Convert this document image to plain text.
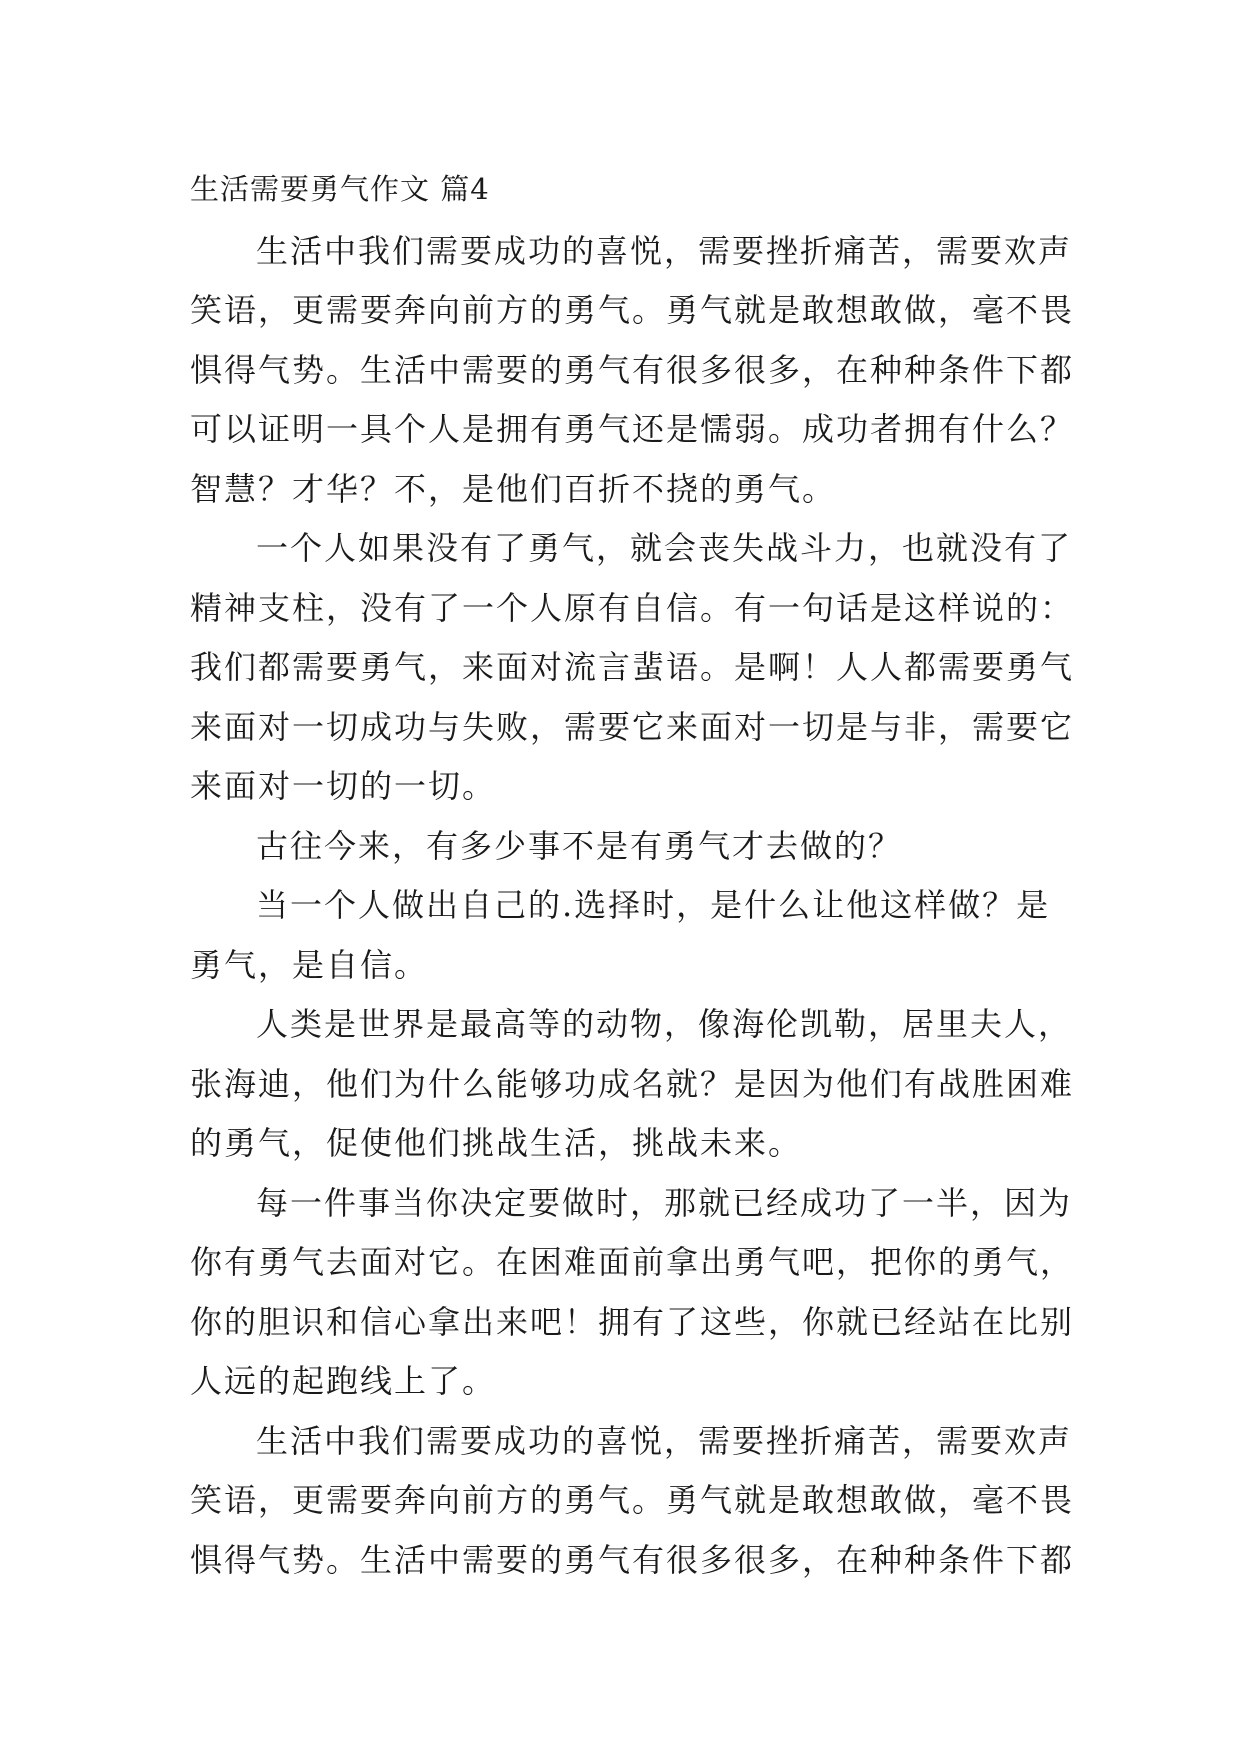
生活需要勇气作文 篇4
生活中我们需要成功的喜悦，需要挫折痛苦，需要欢声
笑语，更需要奔向前方的勇气。勇气就是敢想敢做，毫不畏
惧得气势。生活中需要的勇气有很多很多，在种种条件下都
可以证明一具个人是拥有勇气还是懦弱。成功者拥有什么？
智慧？才华？不，是他们百折不挠的勇气。
一个人如果没有了勇气，就会丧失战斗力，也就没有了
精神支柱，没有了一个人原有自信。有一句话是这样说的：
我们都需要勇气，来面对流言蜚语。是啊！人人都需要勇气
来面对一切成功与失败，需要它来面对一切是与非，需要它
来面对一切的一切。
古往今来，有多少事不是有勇气才去做的？
当一个人做出自己的.选择时，是什么让他这样做？是
勇气，是自信。
人类是世界是最高等的动物，像海伦凯勒，居里夫人，
张海迪，他们为什么能够功成名就？是因为他们有战胜困难
的勇气，促使他们挑战生活，挑战未来。
每一件事当你决定要做时，那就已经成功了一半，因为
你有勇气去面对它。在困难面前拿出勇气吧，把你的勇气，
你的胆识和信心拿出来吧！拥有了这些，你就已经站在比别
人远的起跑线上了。
生活中我们需要成功的喜悦，需要挫折痛苦，需要欢声
笑语，更需要奔向前方的勇气。勇气就是敢想敢做，毫不畏
惧得气势。生活中需要的勇气有很多很多，在种种条件下都
